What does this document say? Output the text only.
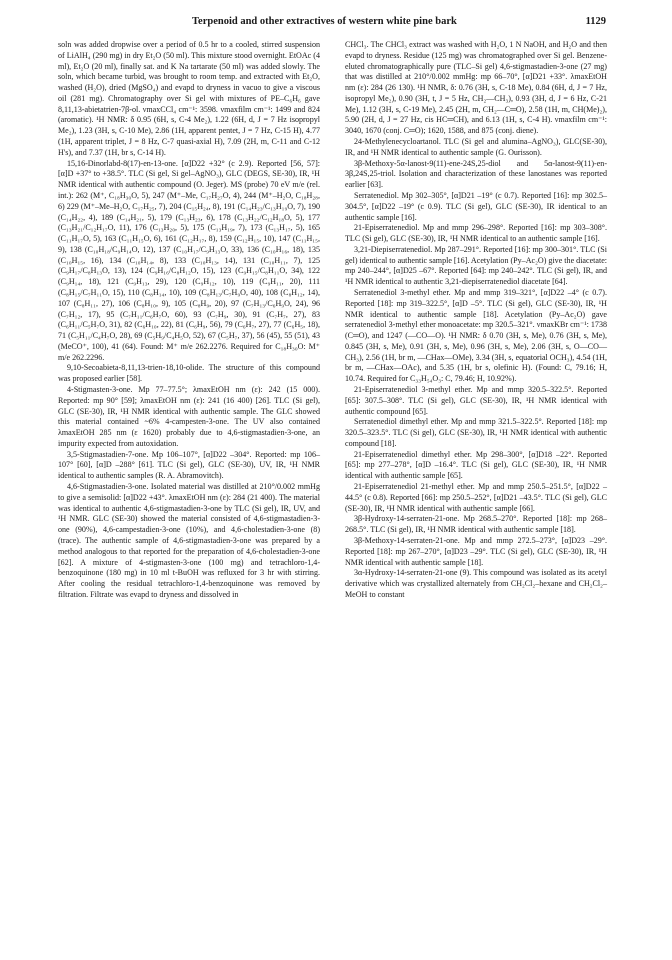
Terpenoid and other extractives of western white pine bark	1129

soln was added dropwise over a period of 0.5 hr to a cooled, stirred suspension of LiAlH₄ (290 mg) in dry Et₂O (50 ml). This mixture stood overnight. EtOAc (4 ml), Et₂O (20 ml), finally sat. and K Na tartarate (50 ml) was added slowly. The soln, which became turbid, was brought to room temp. and extracted with Et₂O, washed (H₂O), dried (MgSO₄) and evapd to dryness in vacuo to give a viscous oil (281 mg). Chromatography over Si gel with mixtures of PE–C₆H₆ gave 8,11,13-abietatrien-7β-ol. νmaxCCl₄ cm⁻¹: 3598. νmaxfilm cm⁻¹: 1499 and 824 (aromatic). ¹H NMR: δ 0.95 (6H, s, C-4 Me₂), 1.22 (6H, d, J = 7 Hz isopropyl Me₂), 1.23 (3H, s, C-10 Me), 2.86 (1H, apparent pentet, J = 7 Hz, C-15 H), 4.77 (1H, apparent triplet, J = 8 Hz, C-7 quasi-axial H), 7.09 (2H, m, C-11 and C-12 H's), and 7.37 (1H, br s, C-14 H).

15,16-Dinorlabd-8(17)-en-13-one. [α]D22 +32° (c 2.9). Reported [56, 57]: [α]D +37° to +38.5°. TLC (Si gel, Si gel–AgNO₃), GLC (DEGS, SE-30), IR, ¹H NMR identical with authentic compound (O. Jeger). MS (probe) 70 eV m/e (rel. int.): 262 (M⁺, C₁₈H₃₀O, 5), 247 (M⁺–Me, C₁₇H₂₇O, 4), 244 (M⁺–H₂O, C₁₈H₂₈, 6) 229 (M⁺–Me–H₂O, C₁₇H₂₅, 7), 204 (C₁₅H₂₄, 8), 191 (C₁₄H₂₃/C₁₃H₁₉O, 7), 190 (C₁₄H₂₂, 4), 189 (C₁₄H₂₁, 5), 179 (C₁₃H₂₃, 6), 178 (C₁₃H₂₂/C₁₂H₁₈O, 5), 177 (C₁₃H₂₁/C₁₂H₁₇O, 11), 176 (C₁₃H₂₀, 5), 175 (C₁₃H₁₉, 7), 173 (C₁₃H₁₇, 5), 165 (C₁₁H₁₇O, 5), 163 (C₁₁H₁₅O, 6), 161 (C₁₂H₁₇, 8), 159 (C₁₂H₁₅, 10), 147 (C₁₁H₁₅, 9), 138 (C₁₀H₁₈/C₉H₁₄O, 12), 137 (C₁₀H₁₇/C₉H₁₃O, 33), 136 (C₁₀H₁₆, 18), 135 (C₁₀H₁₅, 16), 134 (C₁₀H₁₄, 8), 133 (C₁₀H₁₃, 14), 131 (C₁₀H₁₁, 7), 125 (C₉H₁₇/C₈H₁₃O, 13), 124 (C₉H₁₆/C₈H₁₂O, 15), 123 (C₉H₁₅/C₈H₁₁O, 34), 122 (C₉H₁₄, 18), 121 (C₉H₁₃, 29), 120 (C₉H₁₂, 10), 119 (C₉H₁₁, 20), 111 (C₈H₁₅/C₇H₁₁O, 15), 110 (C₈H₁₄, 10), 109 (C₈H₁₃/C₇H₉O, 40), 108 (C₈H₁₂, 14), 107 (C₈H₁₁, 27), 106 (C₈H₁₀, 9), 105 (C₈H₉, 20), 97 (C₇H₁₃/C₆H₉O, 24), 96 (C₇H₁₂, 17), 95 (C₇H₁₁/C₆H₇O, 60), 93 (C₇H₉, 30), 91 (C₇H₇, 27), 83 (C₆H₁₁/C₅H₇O, 31), 82 (C₆H₁₀, 22), 81 (C₆H₉, 56), 79 (C₆H₇, 27), 77 (C₆H₅, 18), 71 (C₅H₁₁/C₄H₇O, 28), 69 (C₅H₉/C₄H₅O, 52), 67 (C₅H₇, 37), 56 (45), 55 (51), 43 (MeCO⁺, 100), 41 (64). Found: M⁺ m/e 262.2276. Required for C₁₈H₃₀O: M⁺ m/e 262.2296.

9,10-Secoabieta-8,11,13-trien-18,10-olide. The structure of this compound was proposed earlier [58].

4-Stigmasten-3-one. Mp 77–77.5°; λmaxEtOH nm (ε): 242 (15 000). Reported: mp 90° [59]; λmaxEtOH nm (ε): 241 (16 400) [26]. TLC (Si gel), GLC (SE-30), IR, ¹H NMR identical with authentic sample. The GLC showed this material contained ~6% 4-campesten-3-one. The UV also contained λmaxEtOH 285 nm (ε 1620) probably due to 4,6-stigmastadien-3-one, an impurity expected from autoxidation.

3,5-Stigmastadien-7-one. Mp 106–107°, [α]D22 –304°. Reported: mp 106–107° [60], [α]D –288° [61]. TLC (Si gel), GLC (SE-30), UV, IR, ¹H NMR identical to authentic samples (R. A. Abramovitch).

4,6-Stigmastadien-3-one. Isolated material was distilled at 210°/0.002 mmHg to give a semisolid: [α]D22 +43°. λmaxEtOH nm (ε): 284 (21 400). The material was identical to authentic 4,6-stigmastadien-3-one by TLC (Si gel), IR, UV, and ¹H NMR. GLC (SE-30) showed the material consisted of 4,6-stigmastadien-3-one (90%), 4,6-campestadien-3-one (10%), and 4,6-cholestadien-3-one (8) (trace). The authentic sample of 4,6-stigmastadien-3-one was prepared by a method analogous to that reported for the preparation of 4,6-cholestadien-3-one [62]. A mixture of 4-stigmasten-3-one (100 mg) and tetrachloro-1,4-benzoquinone (180 mg) in 10 ml t-BuOH was refluxed for 3 hr with stirring. After cooling the residual tetrachloro-1,4-benzoquinone was removed by filtration. Filtrate was evapd to dryness and dissolved in

CHCl₃. The CHCl₃ extract was washed with H₂O, 1 N NaOH, and H₂O and then evapd to dryness. Residue (125 mg) was chromatographed over Si gel. Benzene-eluted chromatographically pure (TLC–Si gel) 4,6-stigmastadien-3-one (27 mg) that was distilled at 210°/0.002 mmHg: mp 66–70°, [α]D21 +33°. λmaxEtOH nm (ε): 284 (26 130). ¹H NMR, δ: 0.76 (3H, s, C-18 Me), 0.84 (6H, d, J = 7 Hz, isopropyl Me₂), 0.90 (3H, t, J = 5 Hz, CH₂—CH₃), 0.93 (3H, d, J = 6 Hz, C-21 Me), 1.12 (3H, s, C-19 Me), 2.45 (2H, m, CH₂—C═O), 2.58 (1H, m, CH(Me)₂), 5.90 (2H, d, J = 27 Hz, cis HC═CH), and 6.13 (1H, s, C-4 H). νmaxfilm cm⁻¹: 3040, 1670 (conj. C═O); 1620, 1588, and 875 (conj. diene).

24-Methylenecycloartanol. TLC (Si gel and alumina–AgNO₃), GLC(SE-30), IR, and ¹H NMR identical to authentic sample (G. Ourisson).

3β-Methoxy-5α-lanost-9(11)-ene-24S,25-diol and 5α-lanost-9(11)-en-3β,24S,25-triol. Isolation and characterization of these lanostanes was reported earlier [63].

Serratenediol. Mp 302–305°, [α]D21 –19° (c 0.7). Reported [16]: mp 302.5–304.5°, [α]D22 –19° (c 0.9). TLC (Si gel), GLC (SE-30), IR identical to an authentic sample [16].

21-Episerratenediol. Mp and mmp 296–298°. Reported [16]: mp 303–308°. TLC (Si gel), GLC (SE-30), IR, ¹H NMR identical to an authentic sample [16].

3,21-Diepiserratenediol. Mp 287–291°. Reported [16]: mp 300–301°. TLC (Si gel) identical to authentic sample [16]. Acetylation (Py–Ac₂O) give the diacetate: mp 240–244°, [α]D25 –67°. Reported [64]: mp 240–242°. TLC (Si gel), IR, and ¹H NMR identical to authentic 3,21-diepiserratenediol diacetate [64].

Serratenediol 3-methyl ether. Mp and mmp 319–321°, [α]D22 –4° (c 0.7). Reported [18]: mp 319–322.5°, [α]D –5°. TLC (Si gel), GLC (SE-30), IR, ¹H NMR identical to authentic sample [18]. Acetylation (Py–Ac₂O) gave serratenediol 3-methyl ether monoacetate: mp 320.5–321°. νmaxKBr cm⁻¹: 1738 (C═O), and 1247 (—CO—O). ¹H NMR: δ 0.70 (3H, s, Me), 0.76 (3H, s, Me), 0.845 (3H, s, Me), 0.91 (3H, s, Me), 0.96 (3H, s, Me), 2.06 (3H, s, O—CO—CH₃), 2.56 (1H, br m, —CHax—OMe), 3.34 (3H, s, equatorial OCH₃), 4.54 (1H, br m, —CHax—OAc), and 5.35 (1H, br s, olefinic H). (Found: C, 79.16; H, 10.74. Required for C₃₃H₅₄O₃: C, 79.46; H, 10.92%).

21-Episerratenediol 3-methyl ether. Mp and mmp 320.5–322.5°. Reported [65]: 307.5–308°. TLC (Si gel), GLC (SE-30), IR, ¹H NMR identical with authentic compound [65].

Serratenediol dimethyl ether. Mp and mmp 321.5–322.5°. Reported [18]: mp 320.5–323.5°. TLC (Si gel), GLC (SE-30), IR, ¹H NMR identical with authentic compound [18].

21-Episerratenediol dimethyl ether. Mp 298–300°, [α]D18 –22°. Reported [65]: mp 277–278°, [α]D –16.4°. TLC (Si gel), GLC (SE-30), IR, ¹H NMR identical with authentic sample [65].

21-Episerratenediol 21-methyl ether. Mp and mmp 250.5–251.5°, [α]D22 –44.5° (c 0.8). Reported [66]: mp 250.5–252°, [α]D21 –43.5°. TLC (Si gel), GLC (SE-30), IR, ¹H NMR identical with authentic sample [66].

3β-Hydroxy-14-serraten-21-one. Mp 268.5–270°. Reported [18]: mp 268–268.5°. TLC (Si gel), IR, ¹H NMR identical with authentic sample [18].

3β-Methoxy-14-serraten-21-one. Mp and mmp 272.5–273°, [α]D23 –29°. Reported [18]: mp 267–270°, [α]D23 –29°. TLC (Si gel), GLC (SE-30), IR, ¹H NMR identical with authentic sample [18].

3α-Hydroxy-14-serraten-21-one (9). This compound was isolated as its acetyl derivative which was crystallized alternately from CH₂Cl₂–hexane and CH₂Cl₂–MeOH to constant
